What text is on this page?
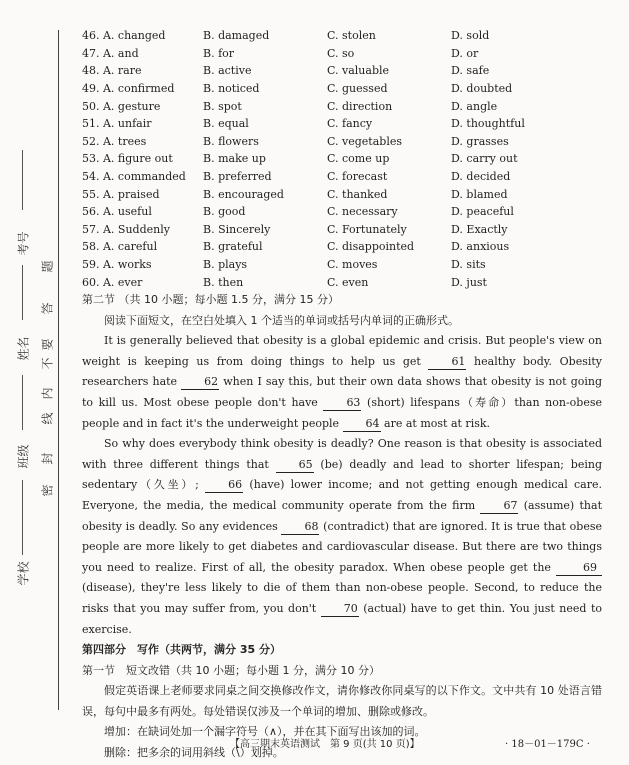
考号
姓名
班级
学校
题
答
要
不
内
线
封
密
46. A. changed	B. damaged	C. stolen	D. sold
47. A. and	B. for	C. so	D. or
48. A. rare	B. active	C. valuable	D. safe
49. A. confirmed	B. noticed	C. guessed	D. doubted
50. A. gesture	B. spot	C. direction	D. angle
51. A. unfair	B. equal	C. fancy	D. thoughtful
52. A. trees	B. flowers	C. vegetables	D. grasses
53. A. figure out	B. make up	C. come up	D. carry out
54. A. commanded	B. preferred	C. forecast	D. decided
55. A. praised	B. encouraged	C. thanked	D. blamed
56. A. useful	B. good	C. necessary	D. peaceful
57. A. Suddenly	B. Sincerely	C. Fortunately	D. Exactly
58. A. careful	B. grateful	C. disappointed	D. anxious
59. A. works	B. plays	C. moves	D. sits
60. A. ever	B. then	C. even	D. just
第二节 （共 10 小题；每小题 1.5 分，满分 15 分）
阅读下面短文，在空白处填入 1 个适当的单词或括号内单词的正确形式。
It is generally believed that obesity is a global epidemic and crisis. But people's view on weight is keeping us from doing things to help us get 61 healthy body. Obesity researchers hate 62 when I say this, but their own data shows that obesity is not going to kill us. Most obese people don't have 63 (short) lifespans（寿命）than non-obese people and in fact it's the underweight people 64 are at most at risk.
So why does everybody think obesity is deadly? One reason is that obesity is associated with three different things that 65 (be) deadly and lead to shorter lifespan; being sedentary（久坐）; 66 (have) lower income; and not getting enough medical care. Everyone, the media, the medical community operate from the firm 67 (assume) that obesity is deadly. So any evidences 68 (contradict) that are ignored. It is true that obese people are more likely to get diabetes and cardiovascular disease. But there are two things you need to realize. First of all, the obesity paradox. When obese people get the 69 (disease), they're less likely to die of them than non-obese people. Second, to reduce the risks that you may suffer from, you don't 70 (actual) have to get thin. You just need to exercise.
第四部分　写作（共两节，满分 35 分）
第一节　短文改错（共 10 小题；每小题 1 分，满分 10 分）
假定英语课上老师要求同桌之间交换修改作文，请你修改你同桌写的以下作文。文中共有 10 处语言错误，每句中最多有两处。每处错误仅涉及一个单词的增加、删除或修改。
增加：在缺词处加一个漏字符号（∧），并在其下面写出该加的词。
删除：把多余的词用斜线（\）划掉。
【高三期末英语测试　第 9 页(共 10 页)】	· 18－01－179C ·
